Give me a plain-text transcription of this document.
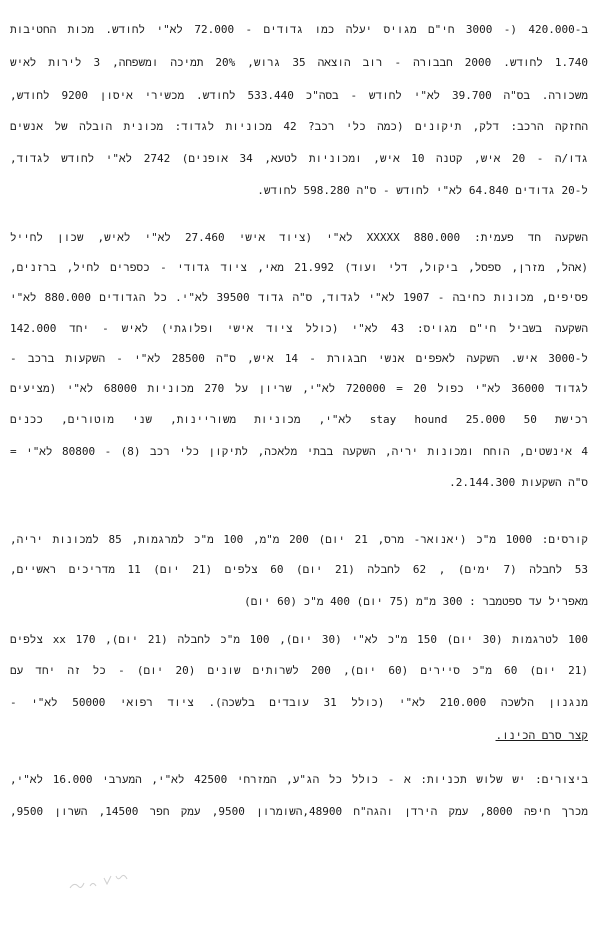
ב-420.000 (- 3000 חי"ם מגויס יעלה כמו גדודים - 72.000 לא"י לחודש. מכות החטיבות
1.740 לחודש. 2000 חבבורה - רוב הוצאה 35 גרוש, 20% תמיכה ומשפחה, 3 לירות לאיש
משכורה. בס"ה 39.700 לא"י לחודש - בסה"כ 533.440 לחודש. מכשירי איסון 9200 לחודש,
החזקה הרכב: דלק, תיקונים (כמה כלי רכב? 42 מכוניות לגדוד: מכונית הובלה של אנשים
גדו/ה - 20 איש, קטנה 10 איש, ומכוניות לטעא, 34 אופנים) 2742 לא"י לחודש לגדוד,
ל-20 גדודים 64.840 לא"י לחודש - ס"ה 598.280 לחודש.
השקעה חד פעמית: 880.000 XXXXX לא"י (ציוד אישי 27.460 לא"י לאיש, שכון לחייל
(אהל, מזרן, ספסל, ביקול, דלי ועוד) 21.992 מאי, ציוד גדודי - כספרים לחיל, ברזנים,
פסיפים, מכונות כחיבה - 1907 לא"י לגדוד, ס"ה גדוד 39500 לא"י. כל הגדודים 880.000 לא"י
השקעה בשביל חי"ם מגויס: 43 לא"י (כולל ציוד אישי ופלוגתי) לאיש - יחד 142.000
ל-3000 איש. השקעה לאפפים אנשי חבגורת - 14 איש, ס"ה 28500 לא"י - השקעות ברכב -
לגדוד 36000 לא"י כפול 20 = 720000 לא"י, שריון על 270 מכוניות 68000 לא"י (מציעים
רכישת 50 stay hound 25.000 לא"י, מכוניות משוריינות, שני מוטורים, ככנים
4 אינשטים, הוחח ומכונות יריה, השקעה בבתי מלאכה, לתיקון כלי רכב (8) - 80800 לא"י =
ס"ה השקעות 2.144.300.
קורסים: 1000 מ"כ (יאנואר- מרס, 21 יום) 200 מ"מ, 100 מ"כ למרגמות, 85 למכונות יריה,
53 לחבלה (7 ימים) , 62 לחבלה (21 יום) 60 צלפים (21 יום) 11 מדריכים ראשיים,
מאפריל עד ספטמבר : 300 מ"מ (75 יום) 400 מ"כ (60 יום)
100 לטרגמות (30 יום) 150 מ"כ לא"י (30 יום), 100 מ"כ לחבלה (21 יום), 170 xx צלפים
(21 יום) 60 מ"כ סיירים (60 יום), 200 לשרותים שונים (20 יום) - כל זה יחד עם
מנגנון הלשכה 210.000 לא"י (כולל 31 עובדים בלשכה). ציוד רפואי 50000 לא"י -
קצר סרם הכינו.
ביצורים: יש שלוש תכניות: א - כולל כל הג"ע, המזרחי 42500 לא"י, המערבי 16.000 לא"י,
מכרך חיפה 8000, עמק הירדן והגה"ח 48900,השומרון 9500, עמק חפר 14500, השרון 9500,
